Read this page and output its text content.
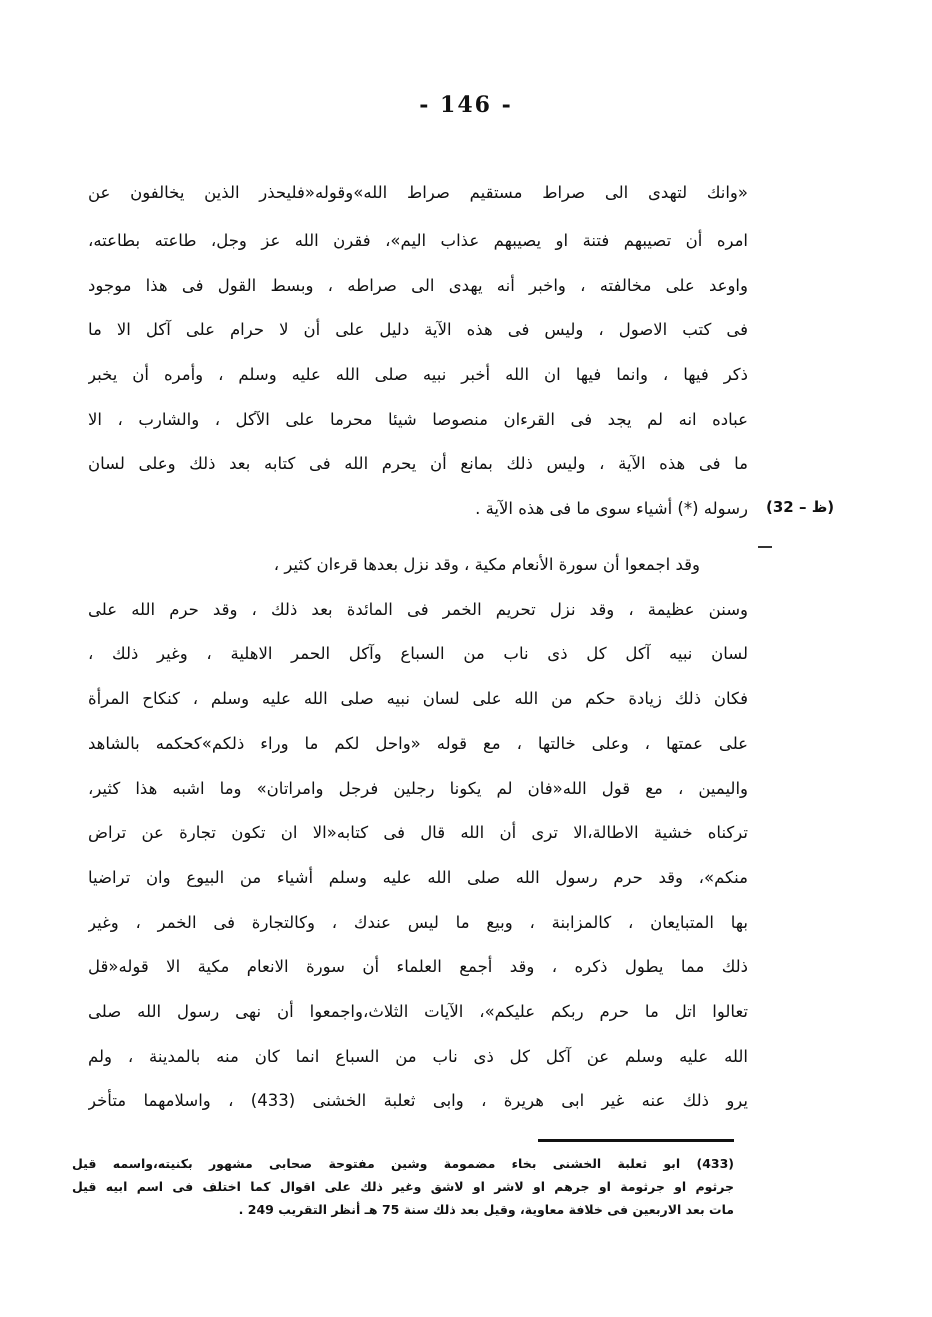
- 146 -
«وانك لتهدى الى صراط مستقيم صراط الله»وقوله«فليحذر الذين يخالفون عن
امره أن تصيبهم فتنة او يصيبهم عذاب اليم»، فقرن الله عز وجل، طاعته بطاعته،
واوعد على مخالفته ، واخبر أنه يهدى الى صراطه ، وبسط القول فى هذا موجود
فى كتب الاصول ، وليس فى هذه الآية دليل على أن لا حرام على آكل الا ما
ذكر فيها ، وانما فيها ان الله أخبر نبيه صلى الله عليه وسلم ، وأمره أن يخبر
عباده انه لم يجد فى القرءان منصوصا شيئا محرما على الآكل ، والشارب ، الا
ما فى هذه الآية ، وليس ذلك بمانع أن يحرم الله فى كتابه بعد ذلك وعلى لسان
رسوله (*) أشياء سوى ما فى هذه الآية . (32 – ظ)
وقد اجمعوا أن سورة الأنعام مكية ، وقد نزل بعدها قرءان كثير ،
وسنن عظيمة ، وقد نزل تحريم الخمر فى المائدة بعد ذلك ، وقد حرم الله على
لسان نبيه آكل كل ذى ناب من السباع وآكل الحمر الاهلية ، وغير ذلك ،
فكان ذلك زيادة حكم من الله على لسان نبيه صلى الله عليه وسلم ، كنكاح المرأة
على عمتها ، وعلى خالتها ، مع قوله «واحل لكم ما وراء ذلكم»كحكمه بالشاهد
واليمين ، مع قول الله«فان لم يكونا رجلين فرجل وامراتان» وما اشبه هذا كثير،
تركناه خشية الاطالة،الا ترى أن الله قال فى كتابه«الا ان تكون تجارة عن تراض
منكم»، وقد حرم رسول الله صلى الله عليه وسلم أشياء من البيوع وان تراضيا
بها المتبايعان ، كالمزابنة ، وبيع ما ليس عندك ، وكالتجارة فى الخمر ، وغير
ذلك مما يطول ذكره ، وقد أجمع العلماء أن سورة الانعام مكية الا قوله«قل
تعالوا اتل ما حرم ربكم عليكم»، الآيات الثلاث،واجمعوا أن نهى رسول الله صلى
الله عليه وسلم عن آكل كل ذى ناب من السباع انما كان منه بالمدينة ، ولم
يرو ذلك عنه غير ابى هريرة ، وابى ثعلبة الخشنى (433) ، واسلامهما متأخر
(433) ابو ثعلبة الخشنى بخاء مضمومة وشين مفتوحة صحابى مشهور بكنيته،واسمه قيل
جرثوم او جرثومة او جرهم او لاشر او لاشق وغير ذلك على اقوال كما اختلف فى اسم ابيه قيل
مات بعد الاربعين فى خلافة معاوية، وقيل بعد ذلك سنة 75 هـ أنظر التقريب 249 .
